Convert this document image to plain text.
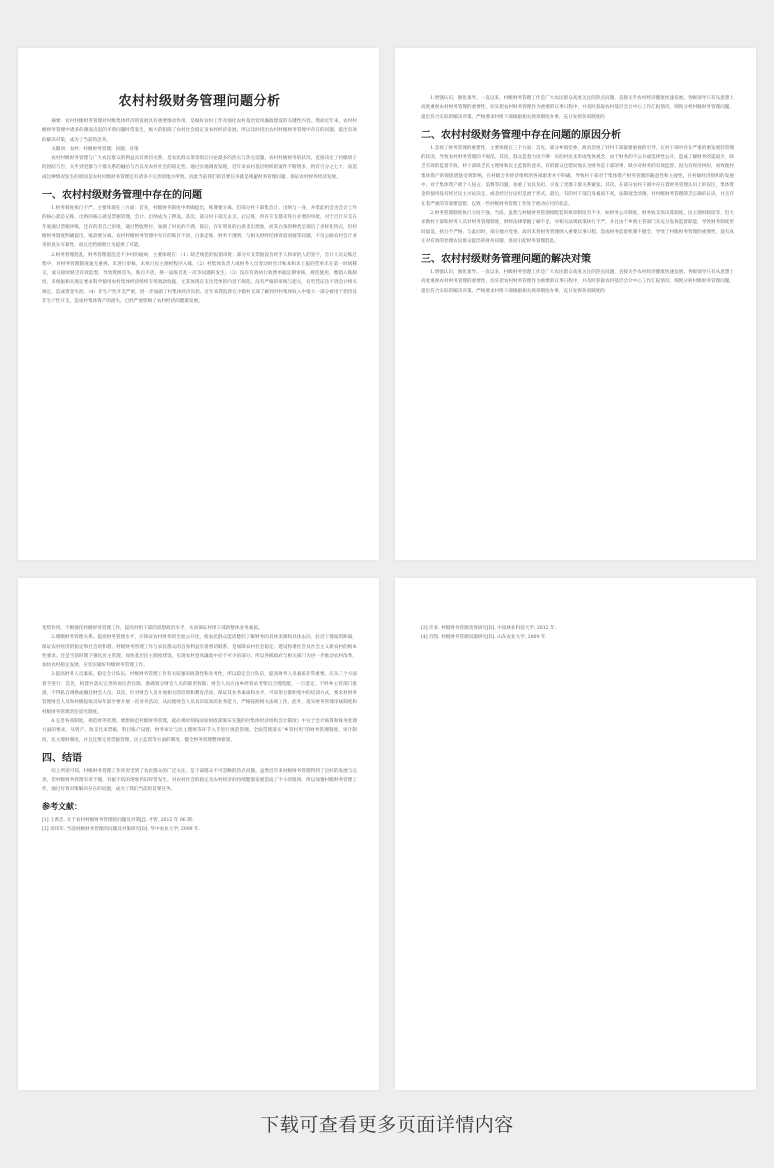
农村村级财务管理问题分析

摘要：农村村级财务管理对村级集体经济的发展具有重要推动作用，是做好农村工作及强化农村基层党风廉政建设的关键性内容。然而近年来，农村村级财务管理中诸多的薄弱点起的矛盾问题时常发生，极大的阻碍了农村社会稳定及农村经济发展。所以及时找出农村村级财务管理中存在的问题，提出有效的解决对策，成为了当前的急务。

关键词：农村；村级财务管理；问题；对策

农村村级财务管理与广大农民群众的利益具有密切关系，是农民群众茶余饭后讨论最多的热点与热点话题。农村村级财务的状况，直接决定了村级班子的团结与否，关乎到党群与干群关系的融洽与否以及农村社会的稳定性。通过实地调查发现，近年来农村基层组织的案件不断增多，约有百分之七十，而造成这种情况发生的原因是农村村级财务管理还有诸多不完善的地方所致。因此当前我们的首要任务就是规避财务管理问题，保证农村财务经济发展。

一、农村村级财务管理中存在的问题

1.财务制度执行不严。主要体现在三方面：首先，村级财务制度中明确提出，账簿要分离，但部分村干部集会计、出纳与一身，并借此机会为会计工作的核心就是记账，出纳的核心就是票据管理，会计、出纳成为了摆设。其次，部分村干部无去支，后记账，所有开支都未进行必要的审批，对于自行开支在年底通过票据冲账，还有的者自己审批，通过暂收暂付，加剧了村民的不满，最后，存在明显的白条支出现象，而其白条的种类呈现出了多样化特点，但村级财务制度明确提出，账款要分离。农村村级财务管理中存在的账目不清、白条走账、财务不透明、与相关财经纪律背道而驰等问题，不仅公路农村会计业务的真实可靠性，而且还给腐败行为提供了可能。

2.财务管理混乱。财务管理混乱是不少村的通病，主要体现在：（1）缺乏规范的报销审批；部分开支票据没有经手人和审批人的签字，会计人员记账过程中，对财务管理制度毫无重视，未进行审核，未执行民主理财程序入账。（2）村集体负责人或财务人员变动时会计账本和未上报的凭单未在第一时间移交，或交接时缺乏有效监督，导致资源丢失、账目不清，换一届账目乱一次等问题的发生。（3）没有有效执行收费单据定期审核，规范使用，缴销入账制度，未根据相关规定要求科学使用农村集体经济组织专用收款收据，尤其体现在支出凭单的内容不规范。没有严格的审核与把关，有些凭证达不到会计相关规定，造成资金失控。（4）非生产性开支严重，进一步加剧了村集体经济负担。近年来我院曾在少数村支部了解到对村集体收入中很大一部分被用于招待及非生产性开支，造成村集体资产的流失，已经严重影响了农村经济的健康发展。

1.增强认识，强化领导。一直以来，村级财务管理工作是广大农民群众高度关注的热点问题，直接关乎农村经济健康快速发展。各级领导只有从思想上高度重视农村财务管理的重要性，切实把农村财务管理作为重要的议事日程中，并及时获取农村基层会计中心工作汇报情况，细致分析村级财务管理问题，提出符合实际的解决对策，严格要求村组干部根据相关规章制度办事，充分发挥各项制度的

二、农村村级财务管理中存在问题的原因分析

1.忽视了财务管理的重要性。主要体现在三个方面：首先，部分乡镇党委、政府忽视了对村干部最要重视的引导，在村干部中存在严重的重发展轻管理的状况，导致农村财务管理的不规范。其次，群众监督力度不够：有的村民未形成集体观念，由于财务的不公开或选择性公开，造成了解财务的渠道少，缺乏有效的监督手段，村干部缺乏民主理财和民主监督的意识，有的群众还错误地认为财务是干部的事，缺少对财务的有效监督。因为有经济纠纷，而致使村集体资产的保值增值受到影响，在村级合作经济组织的各项职责并不明确，导致村干部对于集体资产财务管理的随意性和主观性。在村级经济组织的发展中，对于集体资产被个人侵占、浪费等问题，加重了农民负担，引发了党群干群关系紧张。其次，在部分农村干部中存在着财务管理认识上的误区，集体资金的使用没有经过民主讨论决定，或者经过讨论但是流于形式。最后，有的村干部自身素质不高，法制观念淡薄，对村级财务管理缺乏正确的认识，并且存在着严重的等靠要思想，以致一些村级财务管理工作处于被动应付的状态。

2.财务管理制度执行力度不强。当前，虽然与村级财务管理相配套的规章制度有不少，如财务公开制度、财务收支预决算制度、民主理财制度等，但大多数村干部和财务人员对财务管理制度、财经法律掌握了解不足，对相关法规政策执行不严，并且由于乡镇主管部门未充分发挥监督职能，导致财务制度形同虚设，执行不严格，与此同时，部分地方党委、政府未将财务管理纳入重要议事日程，造成财务监督机制不健全，导致了村级财务管理的重要性，没有真正对有效的处理农民群众提出的财务问题，进而引起财务管理混乱。

三、农村村级财务管理问题的解决对策

1.增强认识，强化领导。一直以来，村级财务管理工作是广大农民群众高度关注的热点问题，直接关乎农村经济健康快速发展。各级领导只有从思想上高度重视农村财务管理的重要性，切实把农村财务管理作为重要的议事日程中，并及时获取农村基层会计中心工作汇报情况，细致分析村级财务管理问题，提出符合实际的解决对策，严格要求村组干部根据相关规章制度办事，充分发挥各项制度的

优势作用，不断强化村级财务管理工作，提高村组干部的思想政治水平，从而保证村组干部的整体业务素质。

2.理顺财务管理关系。提高财务管理水平，应保证农村财务的全面公开化，使农民群众能清楚的了解财务的具体来源和具体去向，拉近干群间的距离，保证农村经济的稳定和社会的和谐。村级财务管理工作与农民群众的自身利益有着密切联系，是保障农村社会稳定、建设和谐社会及社会主义新农村的根本性要求。还是当前时期下强化民主管理，加快基层民主制度建设，实现农村党风廉政中必不可少的部分。所以各级政府与相关部门为进一步推动农村改革，加快农村稳定发展，应切实做好村级财务管理工作。

3.提高财务人员素质。稳定会计队伍。村级财务管理工作有关较强的政策性和业务性，所以稳定会计队伍，提高财务人员素质非常重要。应从三个方面着手进行：首先，构建并落实完善的岗位责任制，准确划分财会人员的职责权限；财会人员应由乡经管站考察后合理选配，一旦选定，不经乡主管部门批准，不得私自调换或撤任财会人员。其次，针对财会人员开展相关的培训和教育活动，保证其业务素质和水平，可采用分散和集中的培训方式，要求村财务管理财会人员和村级报账员每年最少要开展一次业务活动，从而使财会人员具有较高的业务能力，严格按照相关法规工作。此外，落实财务管理审核制度和村级财务管理责任追究制度。

4.完善各项制度，规范财务管理。要想规范村级财务管理，就必须时刻按国家财政部颁布实施的村集体经济组织会计制度》中关于会计核算和账务处理方面的要求，从资产、收支往来票据、科目账户设置，财务审计与民主理财等环节入手进行规范管理。全面贯彻落实“乡管村用”的财务管理制度、审计制度、民主理财制度，并且还要完善票据管理，民主监督等方面的制度，健全财务管理整体框架。

四、结语

综上所述可知，村级财务管理工作状况受到了农民群众的广泛关注，是干部群众不可忽略的热点问题。虽然近年来村级财务管理得到了良好的发展与完善，但村级财务管理有章不循，有据不依的现象仍旧时常发生，对农村社会的稳定及农村经济的持续健康发展造成了不小的阻碍，所以加强村级财务管理工作，通过有效对策解决存在的问题，成为了我们当前的首要任务。

参考文献：

[1] 王禹忠. 关于农村村级财务管理的问题及对策[J]. 才智, 2012 年 06 期.

[2] 章伟军. 当前村级财务管理的问题及对策研究[D]. 华中农业大学, 2009 年.

[3] 许多. 村级财务管理改进研究[D]. 中南林业科技大学, 2012 年.

[4] 苏凯. 村级财务管理问题研究[D]. 山东农业大学, 2009 年.

下载可查看更多页面详情内容
